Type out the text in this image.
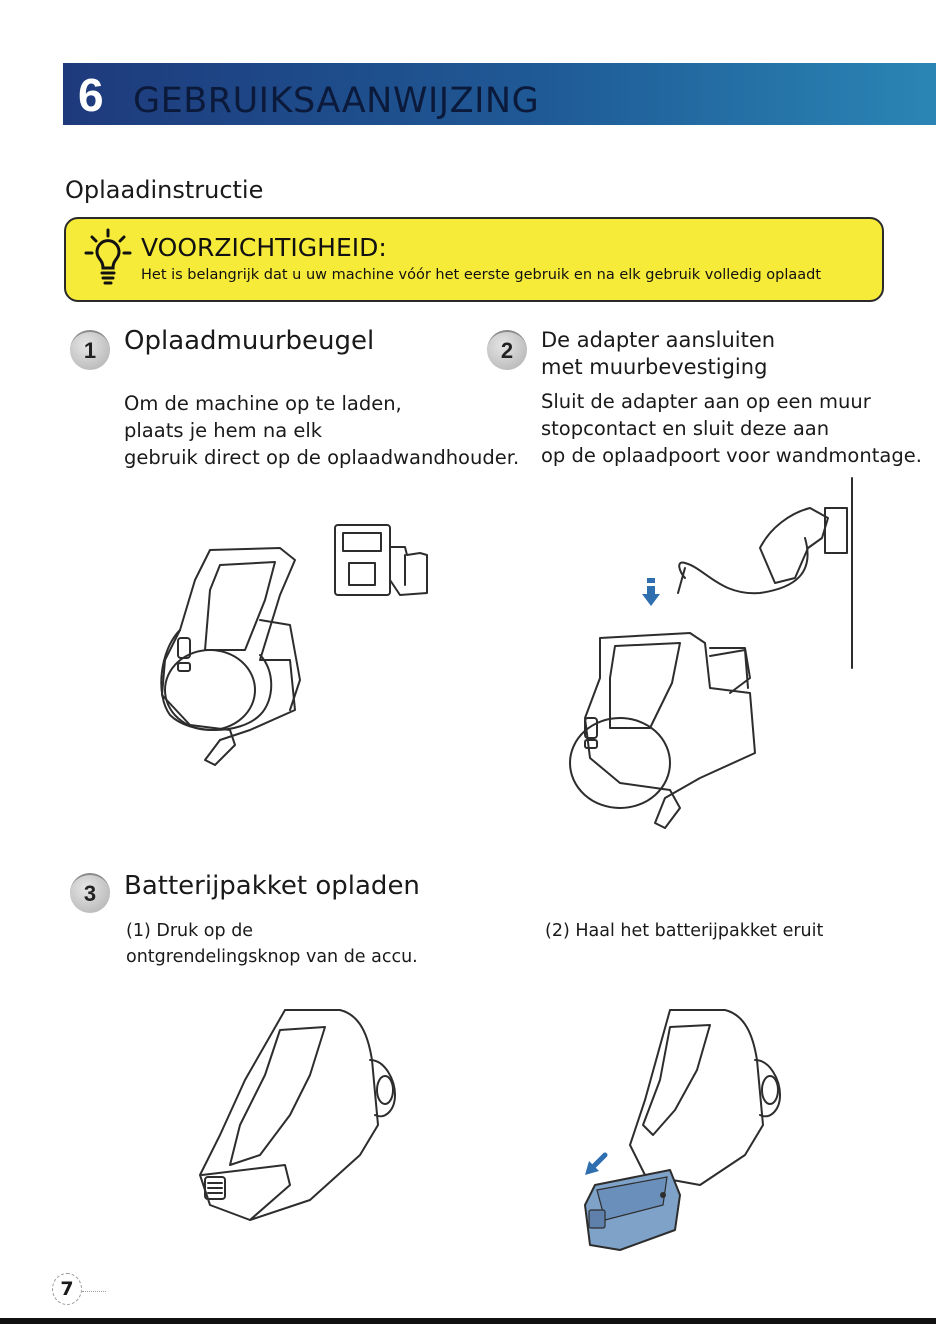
6 GEBRUIKSAANWIJZING
Oplaadinstructie
VOORZICHTIGHEID:
Het is belangrijk dat u uw machine vóór het eerste gebruik en na elk gebruik volledig oplaadt
1	Oplaadmuurbeugel
Om de machine op te laden,
plaats je hem na elk
gebruik direct op de oplaadwandhouder.
2	De adapter aansluiten
met muurbevestiging
Sluit de adapter aan op een muur
stopcontact en sluit deze aan
op de oplaadpoort voor wandmontage.
3	Batterijpakket opladen
(1) Druk op de
ontgrendelingsknop van de accu.
(2) Haal het batterijpakket eruit
7
